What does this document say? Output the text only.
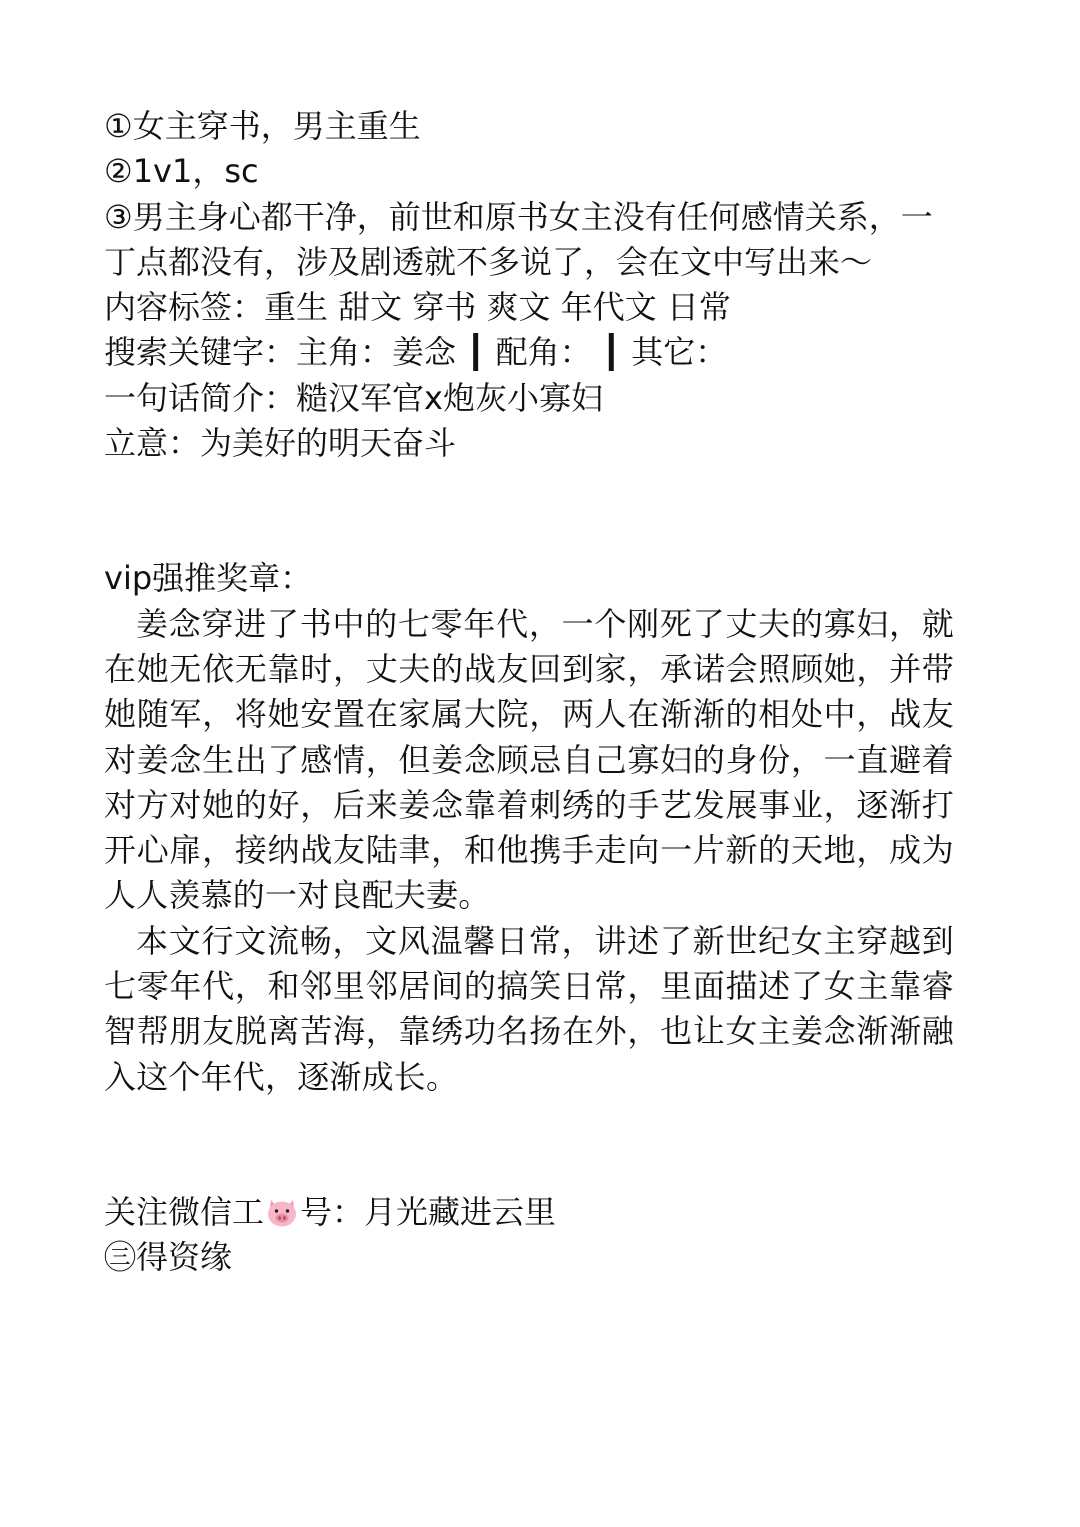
①女主穿书，男主重生
②1v1，sc
③男主身心都干净，前世和原书女主没有任何感情关系，一
丁点都没有，涉及剧透就不多说了，会在文中写出来～
内容标签：重生 甜文 穿书 爽文 年代文 日常
搜索关键字：主角：姜念 ┃ 配角： ┃ 其它：
一句话简介：糙汉军官x炮灰小寡妇
立意：为美好的明天奋斗
vip强推奖章：
姜念穿进了书中的七零年代，一个刚死了丈夫的寡妇，就在她无依无靠时，丈夫的战友回到家，承诺会照顾她，并带她随军，将她安置在家属大院，两人在渐渐的相处中，战友对姜念生出了感情，但姜念顾忌自己寡妇的身份，一直避着对方对她的好，后来姜念靠着刺绣的手艺发展事业，逐渐打开心扉，接纳战友陆聿，和他携手走向一片新的天地，成为人人羡慕的一对良配夫妻。
本文行文流畅，文风温馨日常，讲述了新世纪女主穿越到七零年代，和邻里邻居间的搞笑日常，里面描述了女主靠睿智帮朋友脱离苦海，靠绣功名扬在外，也让女主姜念渐渐融入这个年代，逐渐成长。
关注微信工 号：月光藏进云里
㊂得资缘
